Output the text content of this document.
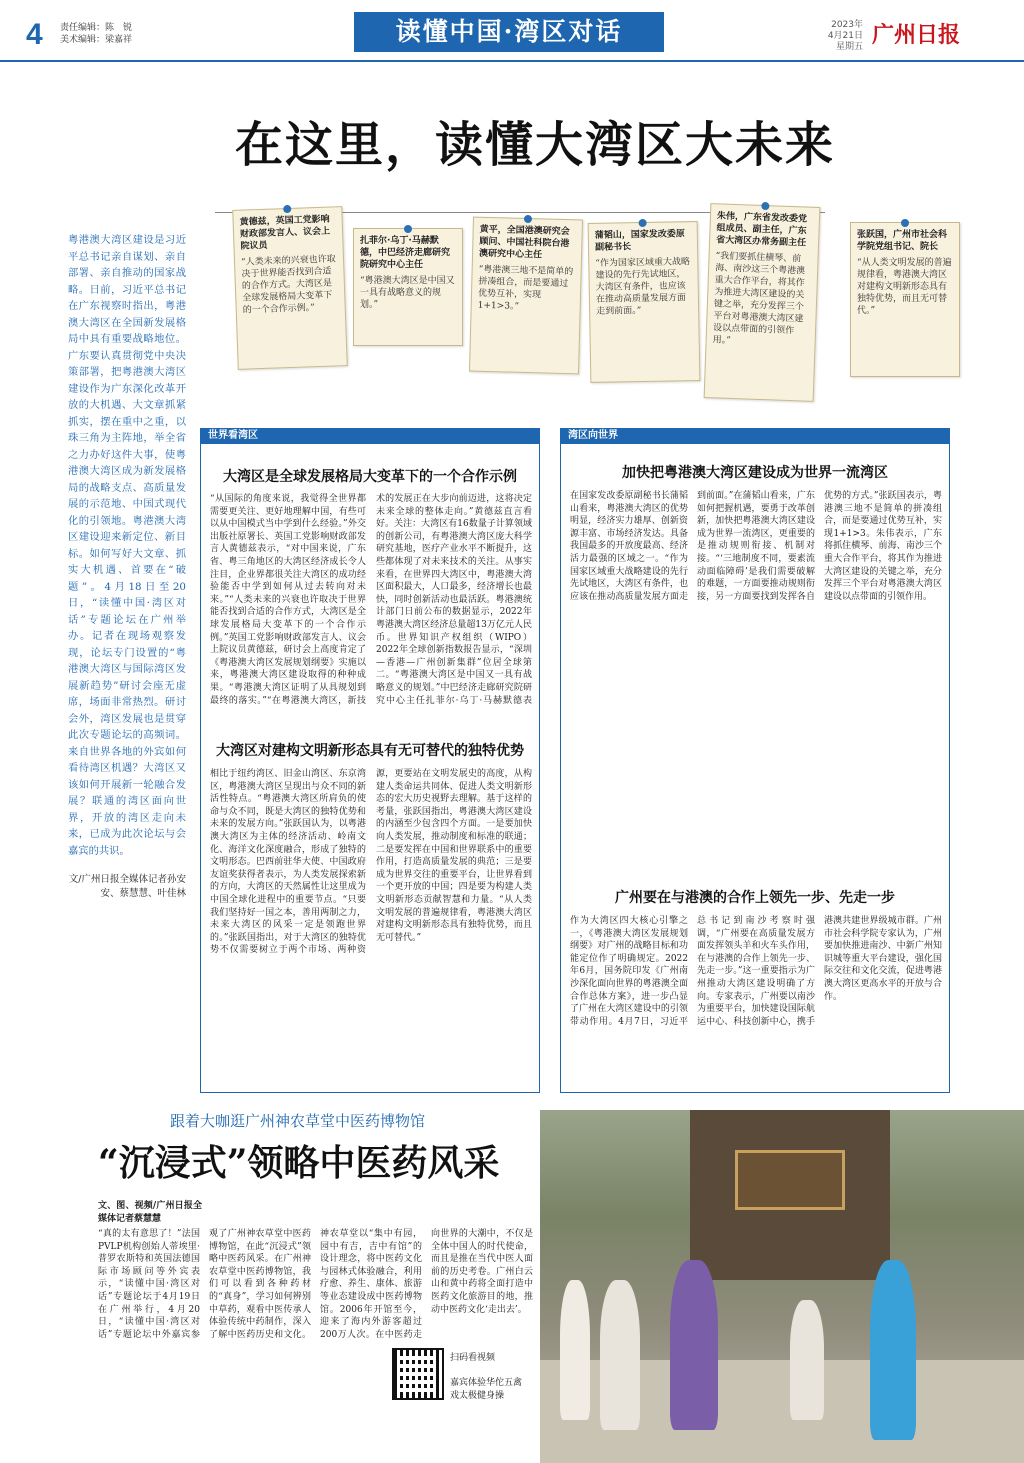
4 责任编辑：陈　锐
美术编辑：梁嘉祥	读懂中国·湾区对话	2023年
4月21日
星期五 广州日报
在这里，读懂大湾区大未来
黄德兹，英国工党影响财政部发言人、议会上院议员
“人类未来的兴衰也许取决于世界能否找到合适的合作方式。大湾区是全球发展格局大变革下的一个合作示例。”
扎菲尔·乌丁·马赫默德，中巴经济走廊研究院研究中心主任
“粤港澳大湾区是中国又一具有战略意义的规划。”
黄平，全国港澳研究会顾问、中国社科院台港澳研究中心主任
“粤港澳三地不是简单的拼凑组合，而是要通过优势互补，实现1+1>3。”
蒲韬山，国家发改委原副秘书长
“作为国家区域重大战略建设的先行先试地区，大湾区有条件，也应该在推动高质量发展方面走到前面。”
朱伟，广东省发改委党组成员、副主任，广东省大湾区办常务副主任
“我们要抓住横琴、前海、南沙这三个粤港澳重大合作平台，将其作为推进大湾区建设的关键之举，充分发挥三个平台对粤港澳大湾区建设以点带面的引领作用。”
张跃国，广州市社会科学院党组书记、院长
“从人类文明发展的普遍规律看，粤港澳大湾区对建构文明新形态具有独特优势，而且无可替代。”
粤港澳大湾区建设是习近平总书记亲自谋划、亲自部署、亲自推动的国家战略。日前，习近平总书记在广东视察时指出，粤港澳大湾区在全国新发展格局中具有重要战略地位。广东要认真贯彻党中央决策部署，把粤港澳大湾区建设作为广东深化改革开放的大机遇、大文章抓紧抓实，摆在重中之重，以珠三角为主阵地，举全省之力办好这件大事，使粤港澳大湾区成为新发展格局的战略支点、高质量发展的示范地、中国式现代化的引领地。粤港澳大湾区建设迎来新定位、新目标。如何写好大文章、抓实大机遇、首要在“破题”。4月18日至20日，“读懂中国·湾区对话”专题论坛在广州举办。记者在现场观察发现，论坛专门设置的“粤港澳大湾区与国际湾区发展新趋势”研讨会座无虚席，场面非常热烈。研讨会外，湾区发展也是贯穿此次专题论坛的高频词。来自世界各地的外宾如何看待湾区机遇？大湾区又该如何开展新一轮融合发展？联通的湾区面向世界，开放的湾区走向未来，已成为此次论坛与会嘉宾的共识。
文/广州日报全媒体记者孙安安、蔡慧慧、叶佳林
世界看湾区
大湾区是全球发展格局大变革下的一个合作示例
“从国际的角度来说，我觉得全世界都需要更关注、更好地理解中国，有些可以从中国模式当中学到什么经验。”外交出版社原署长、英国工党影响财政部发言人黄德兹表示，“对中国来说，广东省、粤三角地区的大湾区经济成长令人注目，企业界都很关注大湾区的成功经验能否中学到如何从过去转向对未来。”“人类未来的兴衰也许取决于世界能否找到合适的合作方式，大湾区是全球发展格局大变革下的一个合作示例。”英国工党影响财政部发言人、议会上院议员黄德兹，研讨会上高度肯定了《粤港澳大湾区发展规划纲要》实施以来，粤港澳大湾区建设取得的种种成果。“粤港澳大湾区证明了从具规划到最终的落实。”“在粤港澳大湾区，新技术的发展正在大步向前迈进，这将决定未来全球的整体走向。”黄德兹直言看好。关注：大湾区有16数量子计算领域的创新公司，有粤港澳大湾区庞大科学研究基地，医疗产业水平不断提升，这些都体现了对未来技术的关注。从事实来看，在世界四大湾区中，粤港澳大湾区面积最大，人口最多，经济增长也最快，同时创新活动也最活跃。粤港澳统计部门日前公布的数据显示，2022年粤港澳大湾区经济总量超13万亿元人民币。世界知识产权组织（WIPO）2022年全球创新指数报告显示，“深圳—香港—广州创新集群”位居全球第二。“粤港澳大湾区是中国又一具有战略意义的规划。”中巴经济走廊研究院研究中心主任扎菲尔·乌丁·马赫默德表
大湾区对建构文明新形态具有无可替代的独特优势
相比于纽约湾区、旧金山湾区、东京湾区，粤港澳大湾区呈现出与众不同的新活性特点。“粤港澳大湾区所肩负的使命与众不同，既是大湾区的独特优势和未来的发展方向。”张跃国认为，以粤港澳大湾区为主体的经济活动、岭南文化、海洋文化深度融合，形成了独特的文明形态。巴西前驻华大使、中国政府友谊奖获得者表示，为人类发展探索新的方向，大湾区的天然属性让这里成为中国全球化进程中的重要节点。“只要我们坚持好一国之本，善用两制之力，未来大湾区的风采一定是领跑世界的。”张跃国指出，对于大湾区的独特优势不仅需要树立于两个市场、两种资源，更要站在文明发展史的高度，从构建人类命运共同体、促进人类文明新形态的宏大历史视野去理解。基于这样的考量，张跃国指出，粤港澳大湾区建设的内涵至少包含四个方面。一是要加快向人类发展，推动制度和标准的联通；二是要发挥在中国和世界联系中的重要作用，打造高质量发展的典范；三是要成为世界交往的重要平台，让世界看到一个更开放的中国；四是要为构建人类文明新形态贡献智慧和力量。“从人类文明发展的普遍规律看，粤港澳大湾区对建构文明新形态具有独特优势，而且无可替代。”
湾区向世界
加快把粤港澳大湾区建设成为世界一流湾区
在国家发改委原副秘书长蒲韬山看来，粤港澳大湾区的优势明显，经济实力雄厚、创新资源丰富、市场经济发达。具备我国最多的开放度最高、经济活力最强的区域之一。“作为国家区域重大战略建设的先行先试地区，大湾区有条件，也应该在推动高质量发展方面走到前面。”在蒲韬山看来，广东如何把握机遇，要勇于改革创新，加快把粤港澳大湾区建设成为世界一流湾区，更重要的是推动规则衔接、机制对接。“‘三地制度不同，要素流动面临障碍’是我们需要破解的难题，一方面要推动规则衔接，另一方面要找到发挥各自优势的方式。”张跃国表示，粤港澳三地不是简单的拼凑组合，而是要通过优势互补，实现1+1>3。朱伟表示，广东将抓住横琴、前海、南沙三个重大合作平台，将其作为推进大湾区建设的关键之举，充分发挥三个平台对粤港澳大湾区建设以点带面的引领作用。
广州要在与港澳的合作上领先一步、先走一步
作为大湾区四大核心引擎之一，《粤港澳大湾区发展规划纲要》对广州的战略目标和功能定位作了明确规定。2022年6月，国务院印发《广州南沙深化面向世界的粤港澳全面合作总体方案》，进一步凸显了广州在大湾区建设中的引领带动作用。4月7日，习近平总书记到南沙考察时强调，“广州要在高质量发展方面发挥领头羊和火车头作用，在与港澳的合作上领先一步、先走一步。”这一重要指示为广州推动大湾区建设明确了方向。专家表示，广州要以南沙为重要平台，加快建设国际航运中心、科技创新中心，携手港澳共建世界级城市群。广州市社会科学院专家认为，广州要加快推进南沙、中新广州知识城等重大平台建设，强化国际交往和文化交流，促进粤港澳大湾区更高水平的开放与合作。
跟着大咖逛广州神农草堂中医药博物馆
“沉浸式”领略中医药风采
文、图、视频/广州日报全媒体记者蔡慧慧
“真的太有意思了！”法国PVLP机构创始人蒂埃里·普罗农斯特和英国法德国际市场顾问等外宾表示，“读懂中国·湾区对话”专题论坛于4月19日在广州举行，4月20日，“读懂中国·湾区对话”专题论坛中外嘉宾参观了广州神农草堂中医药博物馆，在此“沉浸式”领略中医药风采。在广州神农草堂中医药博物馆，我们可以看到各种药材的“真身”，学习如何辨别中草药，观看中医传承人体验传统中药制作，深入了解中医药历史和文化。神农草堂以“集中有园，园中有吉，吉中有馆”的设计理念，将中医药文化与园林式体验融合，利用疗愈、养生、康体、旅游等业态建设成中医药博物馆。2006年开馆至今，迎来了海内外游客超过200万人次。在中医药走向世界的大潮中，不仅是全体中国人的时代使命，而且是推在当代中医人面前的历史考卷。广州白云山和黄中药将全面打造中医药文化旅游目的地，推动中医药文化‘走出去’。
扫码看视频
嘉宾体验华佗五禽戏太极健身操
